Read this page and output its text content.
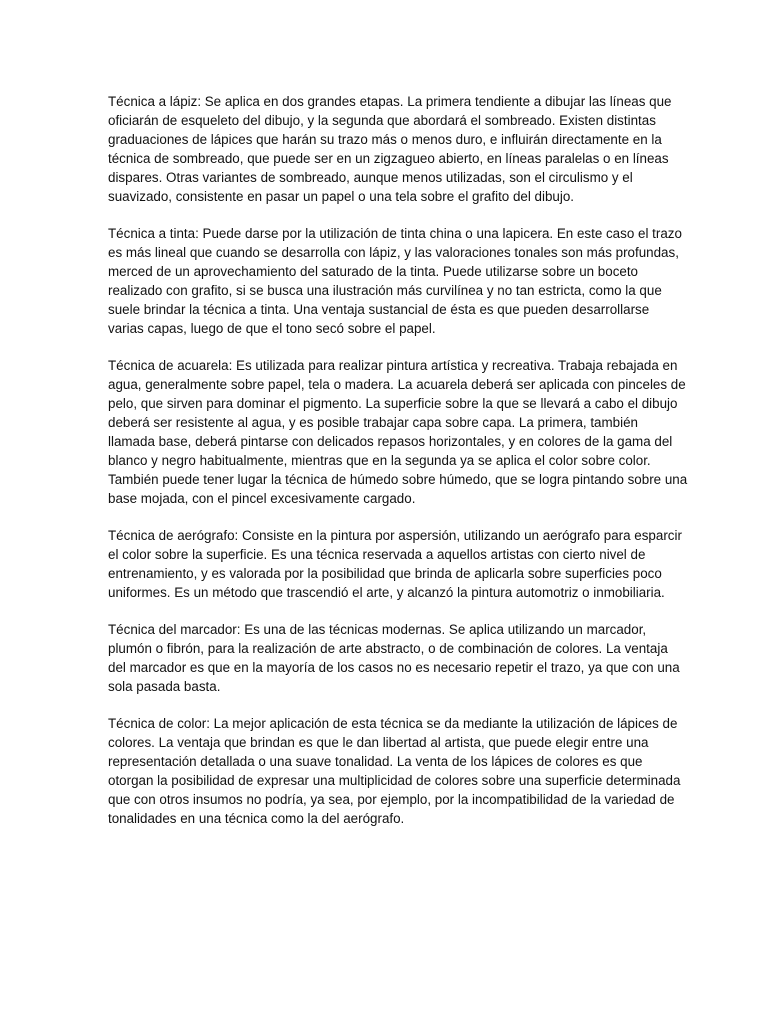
Técnica a lápiz: Se aplica en dos grandes etapas. La primera tendiente a dibujar las líneas que oficiarán de esqueleto del dibujo, y la segunda que abordará el sombreado. Existen distintas graduaciones de lápices que harán su trazo más o menos duro, e influirán directamente en la técnica de sombreado, que puede ser en un zigzagueo abierto, en líneas paralelas o en líneas dispares. Otras variantes de sombreado, aunque menos utilizadas, son el circulismo y el suavizado, consistente en pasar un papel o una tela sobre el grafito del dibujo.

Técnica a tinta: Puede darse por la utilización de tinta china o una lapicera. En este caso el trazo es más lineal que cuando se desarrolla con lápiz, y las valoraciones tonales son más profundas, merced de un aprovechamiento del saturado de la tinta. Puede utilizarse sobre un boceto realizado con grafito, si se busca una ilustración más curvilínea y no tan estricta, como la que suele brindar la técnica a tinta. Una ventaja sustancial de ésta es que pueden desarrollarse varias capas, luego de que el tono secó sobre el papel.

Técnica de acuarela: Es utilizada para realizar pintura artística y recreativa. Trabaja rebajada en agua, generalmente sobre papel, tela o madera. La acuarela deberá ser aplicada con pinceles de pelo, que sirven para dominar el pigmento. La superficie sobre la que se llevará a cabo el dibujo deberá ser resistente al agua, y es posible trabajar capa sobre capa. La primera, también llamada base, deberá pintarse con delicados repasos horizontales, y en colores de la gama del blanco y negro habitualmente, mientras que en la segunda ya se aplica el color sobre color. También puede tener lugar la técnica de húmedo sobre húmedo, que se logra pintando sobre una base mojada, con el pincel excesivamente cargado.

Técnica de aerógrafo: Consiste en la pintura por aspersión, utilizando un aerógrafo para esparcir el color sobre la superficie. Es una técnica reservada a aquellos artistas con cierto nivel de entrenamiento, y es valorada por la posibilidad que brinda de aplicarla sobre superficies poco uniformes. Es un método que trascendió el arte, y alcanzó la pintura automotriz o inmobiliaria.

Técnica del marcador: Es una de las técnicas modernas. Se aplica utilizando un marcador, plumón o fibrón, para la realización de arte abstracto, o de combinación de colores. La ventaja del marcador es que en la mayoría de los casos no es necesario repetir el trazo, ya que con una sola pasada basta.

Técnica de color: La mejor aplicación de esta técnica se da mediante la utilización de lápices de colores. La ventaja que brindan es que le dan libertad al artista, que puede elegir entre una representación detallada o una suave tonalidad. La venta de los lápices de colores es que otorgan la posibilidad de expresar una multiplicidad de colores sobre una superficie determinada que con otros insumos no podría, ya sea, por ejemplo, por la incompatibilidad de la variedad de tonalidades en una técnica como la del aerógrafo.
